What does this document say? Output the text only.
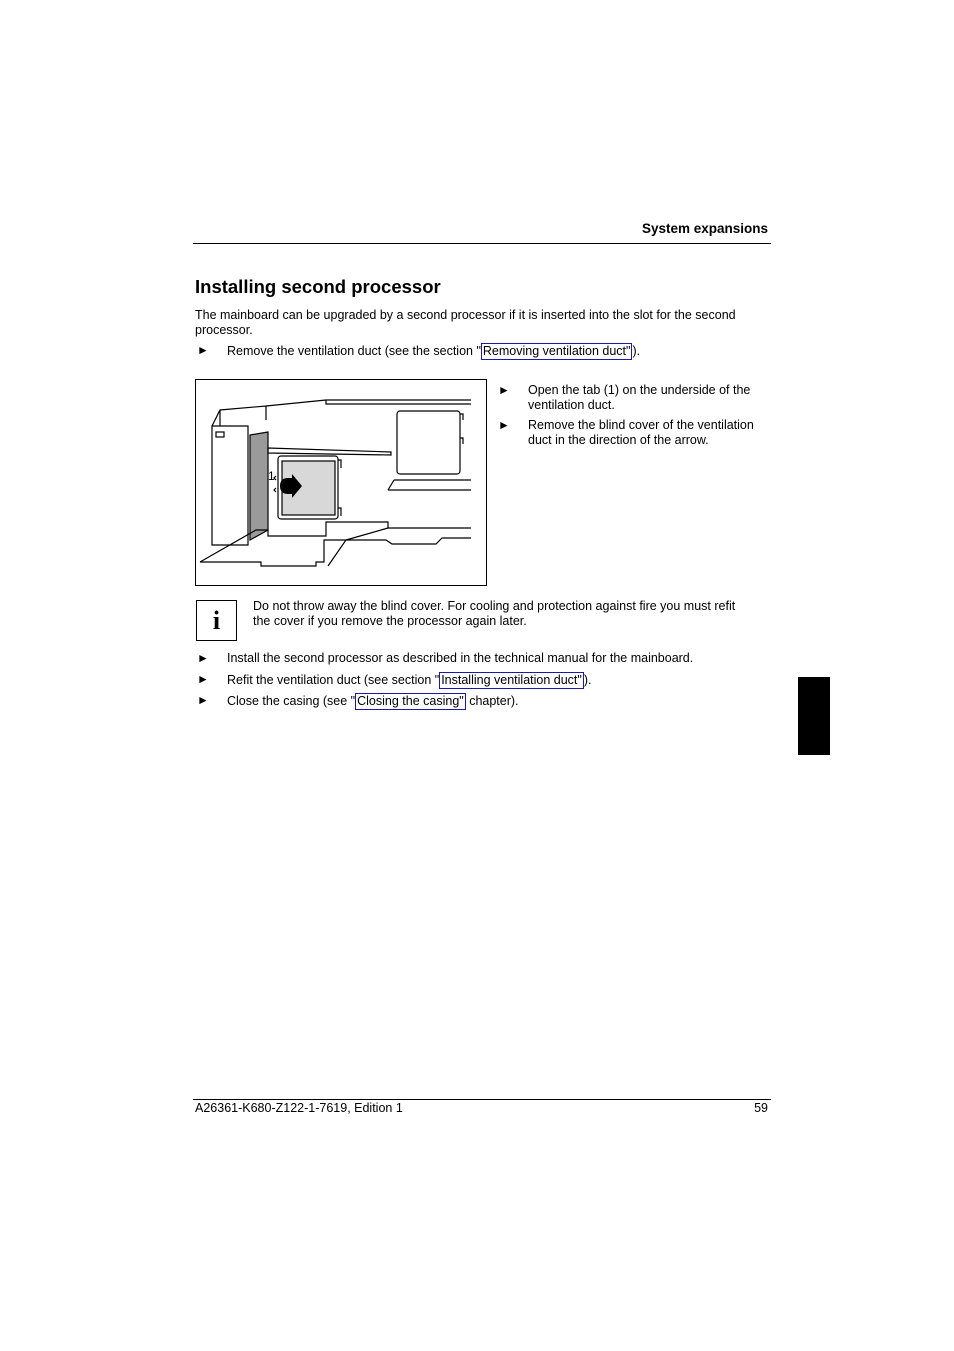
System expansions
Installing second processor
The mainboard can be upgraded by a second processor if it is inserted into the slot for the second processor.
► Remove the ventilation duct (see the section " Removing ventilation duct" ).
1
► Open the tab (1) on the underside of the
ventilation duct.
► Remove the blind cover of the ventilation
duct in the direction of the arrow.
i	Do not throw away the blind cover. For cooling and protection against fire you must refit
the cover if you remove the processor again later.
► Install the second processor as described in the technical manual for the mainboard.
► Refit the ventilation duct (see section " Installing ventilation duct" ).
► Close the casing (see " Closing the casing" chapter).
A26361-K680-Z122-1-7619, Edition 1	59
